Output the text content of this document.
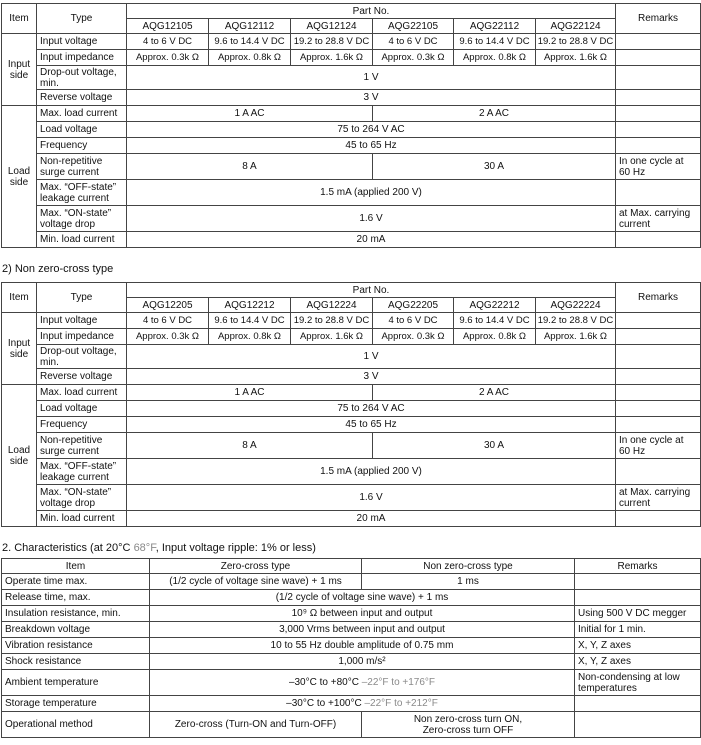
Item	Type	Part No.						Remarks
		AQG12105	AQG12112	AQG12124	AQG22105	AQG22112	AQG22124	
Input side	Input voltage	4 to 6 V DC	9.6 to 14.4 V DC	19.2 to 28.8 V DC	4 to 6 V DC	9.6 to 14.4 V DC	19.2 to 28.8 V DC	
	Input impedance	Approx. 0.3k Ω	Approx. 0.8k Ω	Approx. 1.6k Ω	Approx. 0.3k Ω	Approx. 0.8k Ω	Approx. 1.6k Ω	
	Drop-out voltage, min.	1 V						
	Reverse voltage	3 V						
Load side	Max. load current	1 A AC			2 A AC			
	Load voltage	75 to 264 V AC						
	Frequency	45 to 65 Hz						
	Non-repetitive surge current	8 A			30 A			In one cycle at 60 Hz
	Max. “OFF-state” leakage current	1.5 mA (applied 200 V)						
	Max. “ON-state” voltage drop	1.6 V						at Max. carrying current
	Min. load current	20 mA						
2) Non zero-cross type
Item	Type	Part No.						Remarks
		AQG12205	AQG12212	AQG12224	AQG22205	AQG22212	AQG22224	
Input side	Input voltage	4 to 6 V DC	9.6 to 14.4 V DC	19.2 to 28.8 V DC	4 to 6 V DC	9.6 to 14.4 V DC	19.2 to 28.8 V DC	
	Input impedance	Approx. 0.3k Ω	Approx. 0.8k Ω	Approx. 1.6k Ω	Approx. 0.3k Ω	Approx. 0.8k Ω	Approx. 1.6k Ω	
	Drop-out voltage, min.	1 V						
	Reverse voltage	3 V						
Load side	Max. load current	1 A AC			2 A AC			
	Load voltage	75 to 264 V AC						
	Frequency	45 to 65 Hz						
	Non-repetitive surge current	8 A			30 A			In one cycle at 60 Hz
	Max. “OFF-state” leakage current	1.5 mA (applied 200 V)						
	Max. “ON-state” voltage drop	1.6 V						at Max. carrying current
	Min. load current	20 mA						
2. Characteristics (at 20°C 68°F, Input voltage ripple: 1% or less)
Item	Zero-cross type	Non zero-cross type	Remarks
Operate time max.	(1/2 cycle of voltage sine wave) + 1 ms	1 ms	
Release time, max.	(1/2 cycle of voltage sine wave) + 1 ms		
Insulation resistance, min.	10⁹ Ω between input and output		Using 500 V DC megger
Breakdown voltage	3,000 Vrms between input and output		Initial for 1 min.
Vibration resistance	10 to 55 Hz double amplitude of 0.75 mm		X, Y, Z axes
Shock resistance	1,000 m/s²		X, Y, Z axes
Ambient temperature	–30°C to +80°C –22°F to +176°F		Non-condensing at low temperatures
Storage temperature	–30°C to +100°C –22°F to +212°F		
Operational method	Zero-cross (Turn-ON and Turn-OFF)	Non zero-cross turn ON, Zero-cross turn OFF	
